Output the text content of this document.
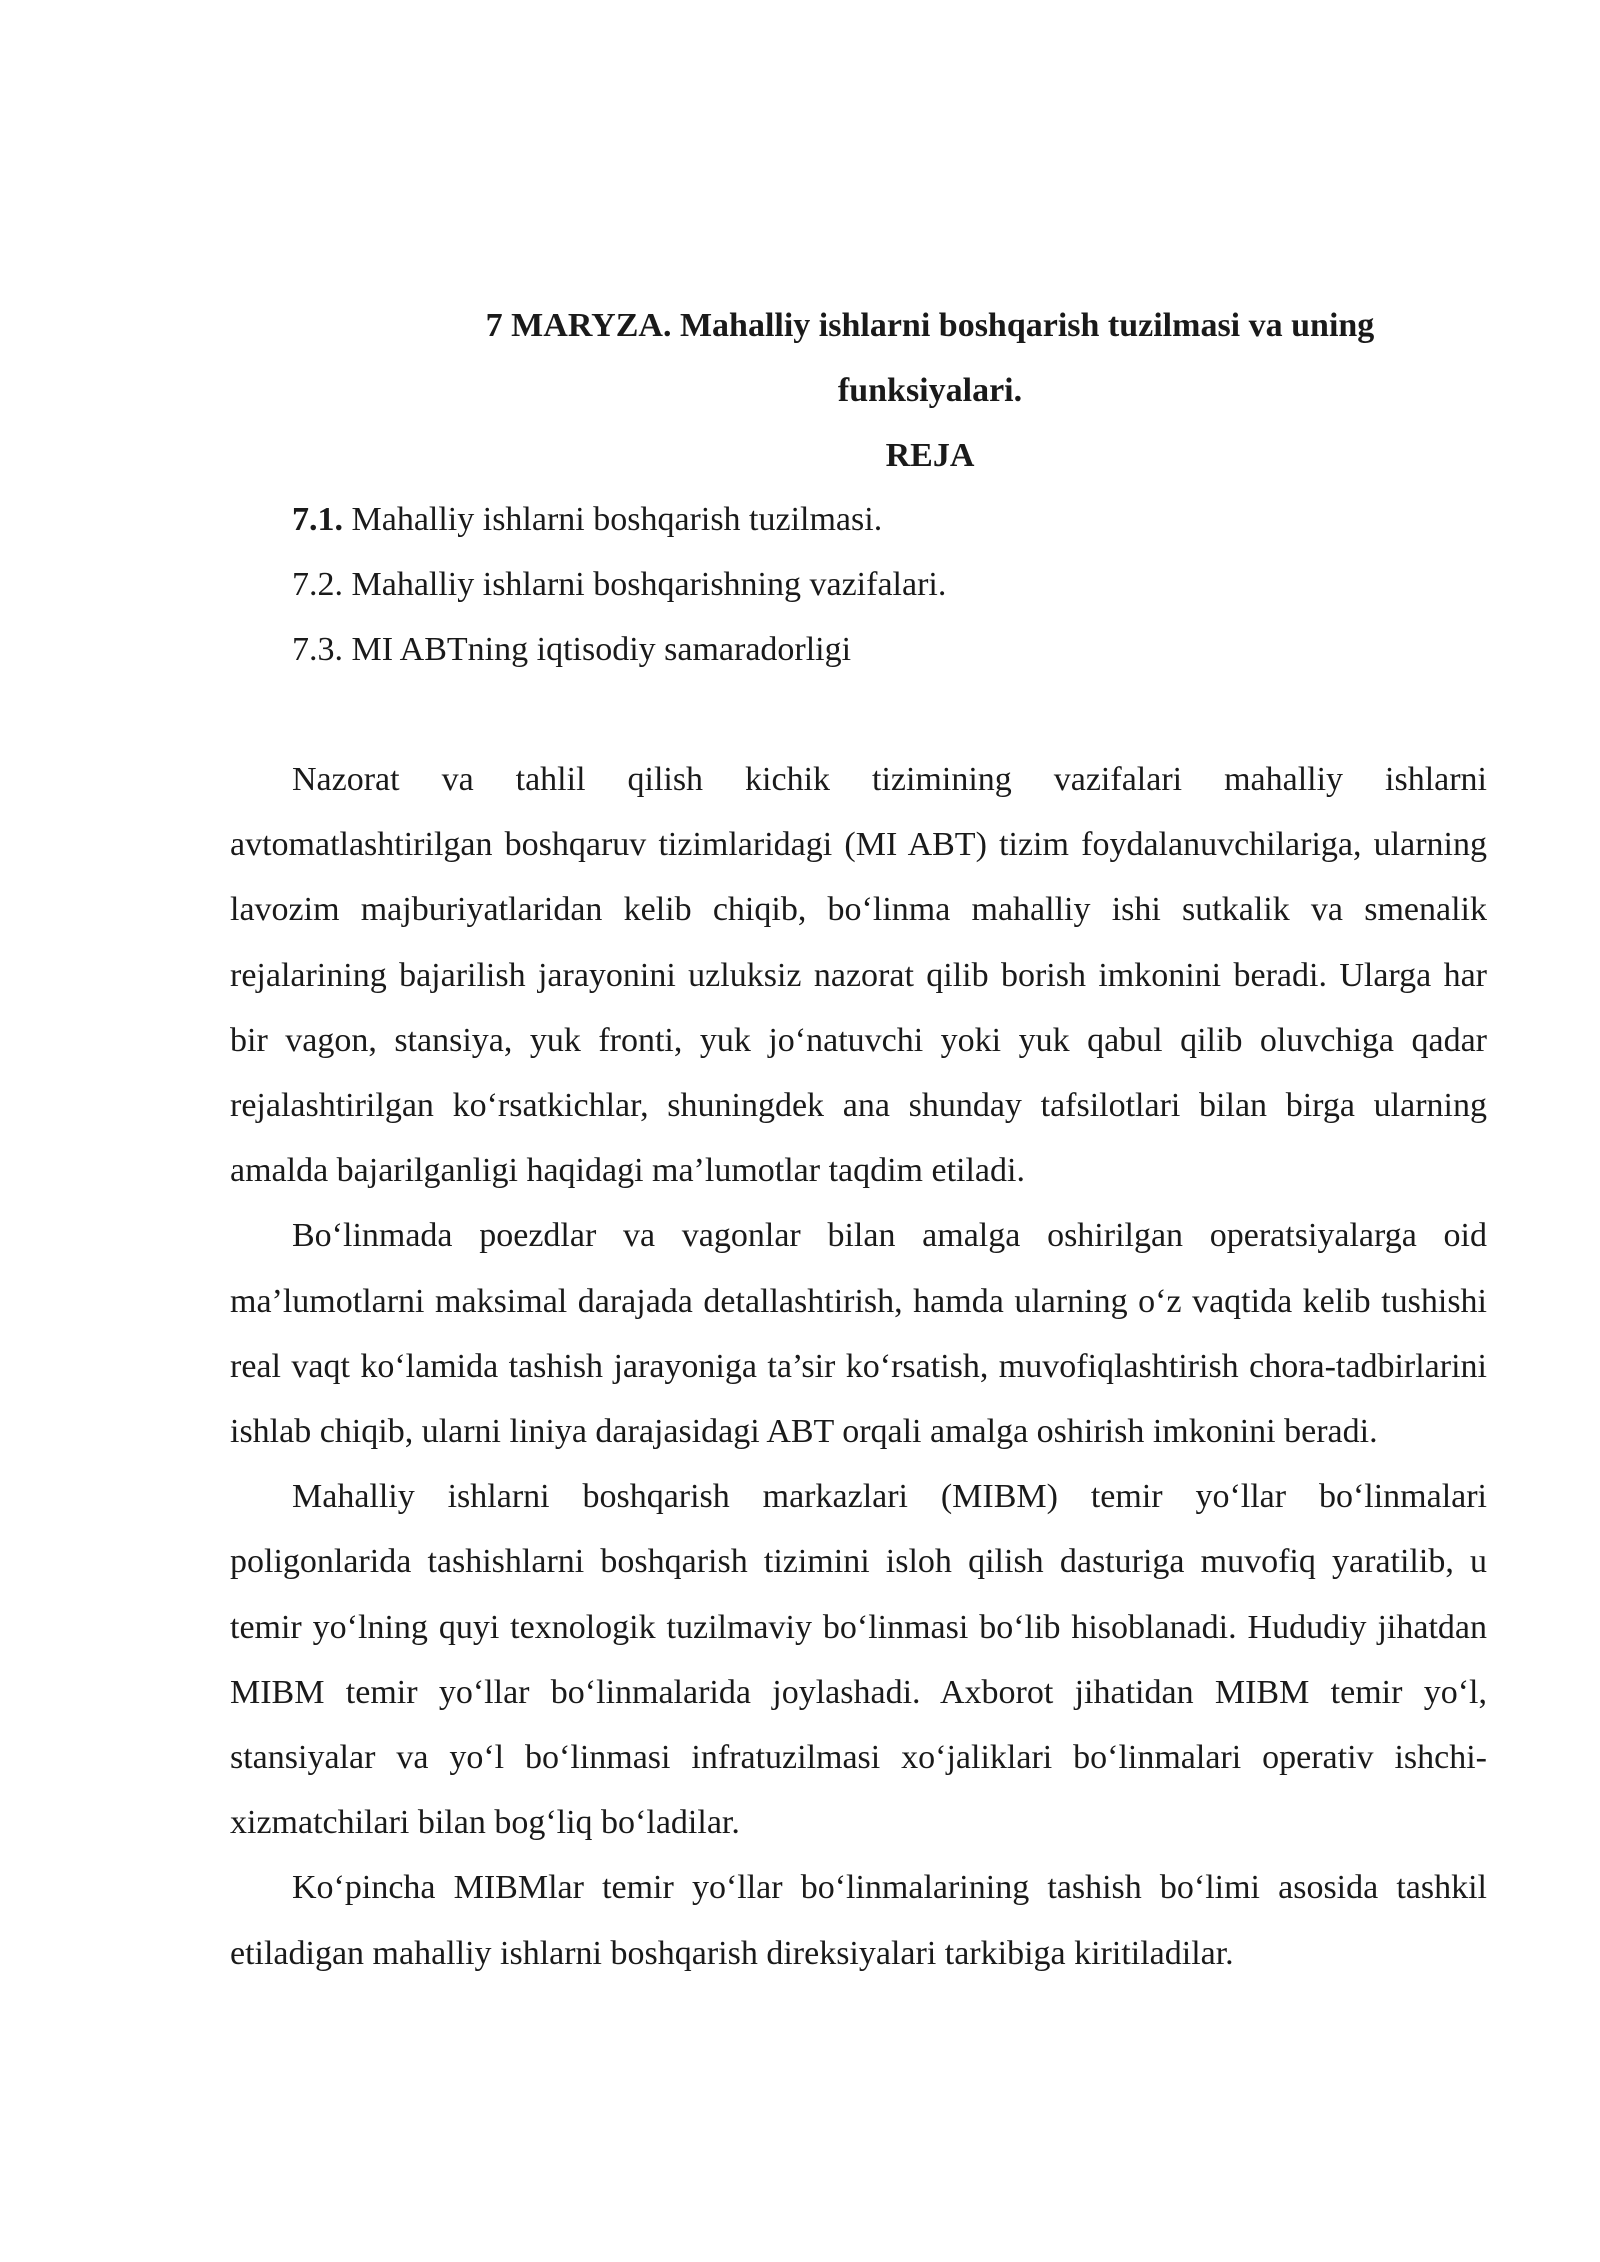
7 MARYZA. Mahalliy ishlarni boshqarish tuzilmasi va uning
funksiyalari.
REJA
7.1. Mahalliy ishlarni boshqarish tuzilmasi.
7.2. Mahalliy ishlarni boshqarishning vazifalari.
7.3. MI ABTning iqtisodiy samaradorligi

Nazorat va tahlil qilish kichik tizimining vazifalari mahalliy ishlarni avtomatlashtirilgan boshqaruv tizimlaridagi (MI ABT) tizim foydalanuvchilariga, ularning lavozim majburiyatlaridan kelib chiqib, bo‘linma mahalliy ishi sutkalik va smenalik rejalarining bajarilish jarayonini uzluksiz nazorat qilib borish imkonini beradi. Ularga har bir vagon, stansiya, yuk fronti, yuk jo‘natuvchi yoki yuk qabul qilib oluvchiga qadar rejalashtirilgan ko‘rsatkichlar, shuningdek ana shunday tafsilotlari bilan birga ularning amalda bajarilganligi haqidagi ma’lumotlar taqdim etiladi.

Bo‘linmada poezdlar va vagonlar bilan amalga oshirilgan operatsiyalarga oid ma’lumotlarni maksimal darajada detallashtirish, hamda ularning o‘z vaqtida kelib tushishi real vaqt ko‘lamida tashish jarayoniga ta’sir ko‘rsatish, muvofiqlashtirish chora-tadbirlarini ishlab chiqib, ularni liniya darajasidagi ABT orqali amalga oshirish imkonini beradi.

Mahalliy ishlarni boshqarish markazlari (MIBM) temir yo‘llar bo‘linmalari poligonlarida tashishlarni boshqarish tizimini isloh qilish dasturiga muvofiq yaratilib, u temir yo‘lning quyi texnologik tuzilmaviy bo‘linmasi bo‘lib hisoblanadi. Hududiy jihatdan MIBM temir yo‘llar bo‘linmalarida joylashadi. Axborot jihatidan MIBM temir yo‘l, stansiyalar va yo‘l bo‘linmasi infratuzilmasi xo‘jaliklari bo‘linmalari operativ ishchi-xizmatchilari bilan bog‘liq bo‘ladilar.

Ko‘pincha MIBMlar temir yo‘llar bo‘linmalarining tashish bo‘limi asosida tashkil etiladigan mahalliy ishlarni boshqarish direksiyalari tarkibiga kiritiladilar.
